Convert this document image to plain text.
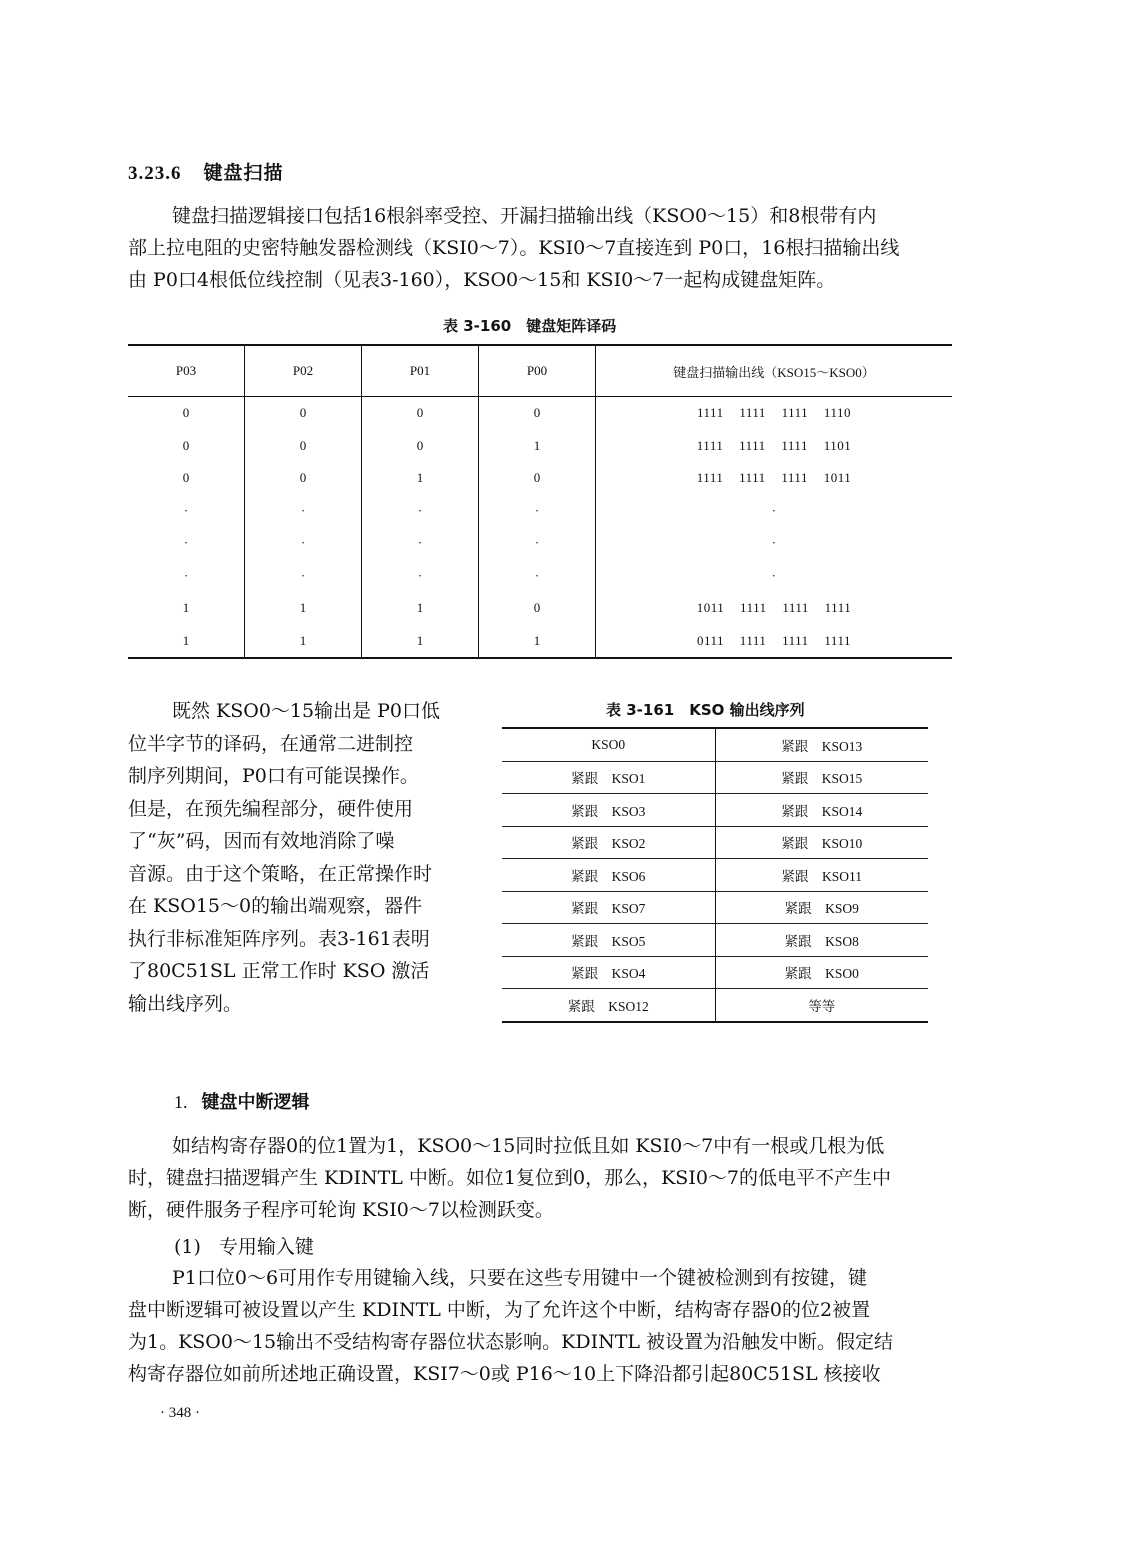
3.23.6 键盘扫描

键盘扫描逻辑接口包括16根斜率受控、开漏扫描输出线（KSO0～15）和8根带有内
部上拉电阻的史密特触发器检测线（KSI0～7）。KSI0～7直接连到 P0口，16根扫描输出线
由 P0口4根低位线控制（见表3-160），KSO0～15和 KSI0～7一起构成键盘矩阵。

表 3-160　键盘矩阵译码

P03	P02	P01	P00	键盘扫描输出线（KSO15～KSO0）
0	0	0	0	1111 1111 1111 1110
0	0	0	1	1111 1111 1111 1101
0	0	1	0	1111 1111 1111 1011
·	·	·	·	·
·	·	·	·	·
·	·	·	·	·
1	1	1	0	1011 1111 1111 1111
1	1	1	1	0111 1111 1111 1111

既然 KSO0～15输出是 P0口低
位半字节的译码，在通常二进制控
制序列期间，P0口有可能误操作。
但是，在预先编程部分，硬件使用
了“灰”码，因而有效地消除了噪
音源。由于这个策略，在正常操作时
在 KSO15～0的输出端观察，器件
执行非标准矩阵序列。表3-161表明
了80C51SL 正常工作时 KSO 激活
输出线序列。

表 3-161　KSO 输出线序列

KSO0	紧跟　KSO13
紧跟　KSO1	紧跟　KSO15
紧跟　KSO3	紧跟　KSO14
紧跟　KSO2	紧跟　KSO10
紧跟　KSO6	紧跟　KSO11
紧跟　KSO7	紧跟　KSO9
紧跟　KSO5	紧跟　KSO8
紧跟　KSO4	紧跟　KSO0
紧跟　KSO12	等等

1. 键盘中断逻辑

如结构寄存器0的位1置为1，KSO0～15同时拉低且如 KSI0～7中有一根或几根为低
时，键盘扫描逻辑产生 KDINTL 中断。如位1复位到0，那么，KSI0～7的低电平不产生中
断，硬件服务子程序可轮询 KSI0～7以检测跃变。

(1) 专用输入键

P1口位0～6可用作专用键输入线，只要在这些专用键中一个键被检测到有按键，键
盘中断逻辑可被设置以产生 KDINTL 中断，为了允许这个中断，结构寄存器0的位2被置
为1。KSO0～15输出不受结构寄存器位状态影响。KDINTL 被设置为沿触发中断。假定结
构寄存器位如前所述地正确设置，KSI7～0或 P16～10上下降沿都引起80C51SL 核接收

· 348 ·
